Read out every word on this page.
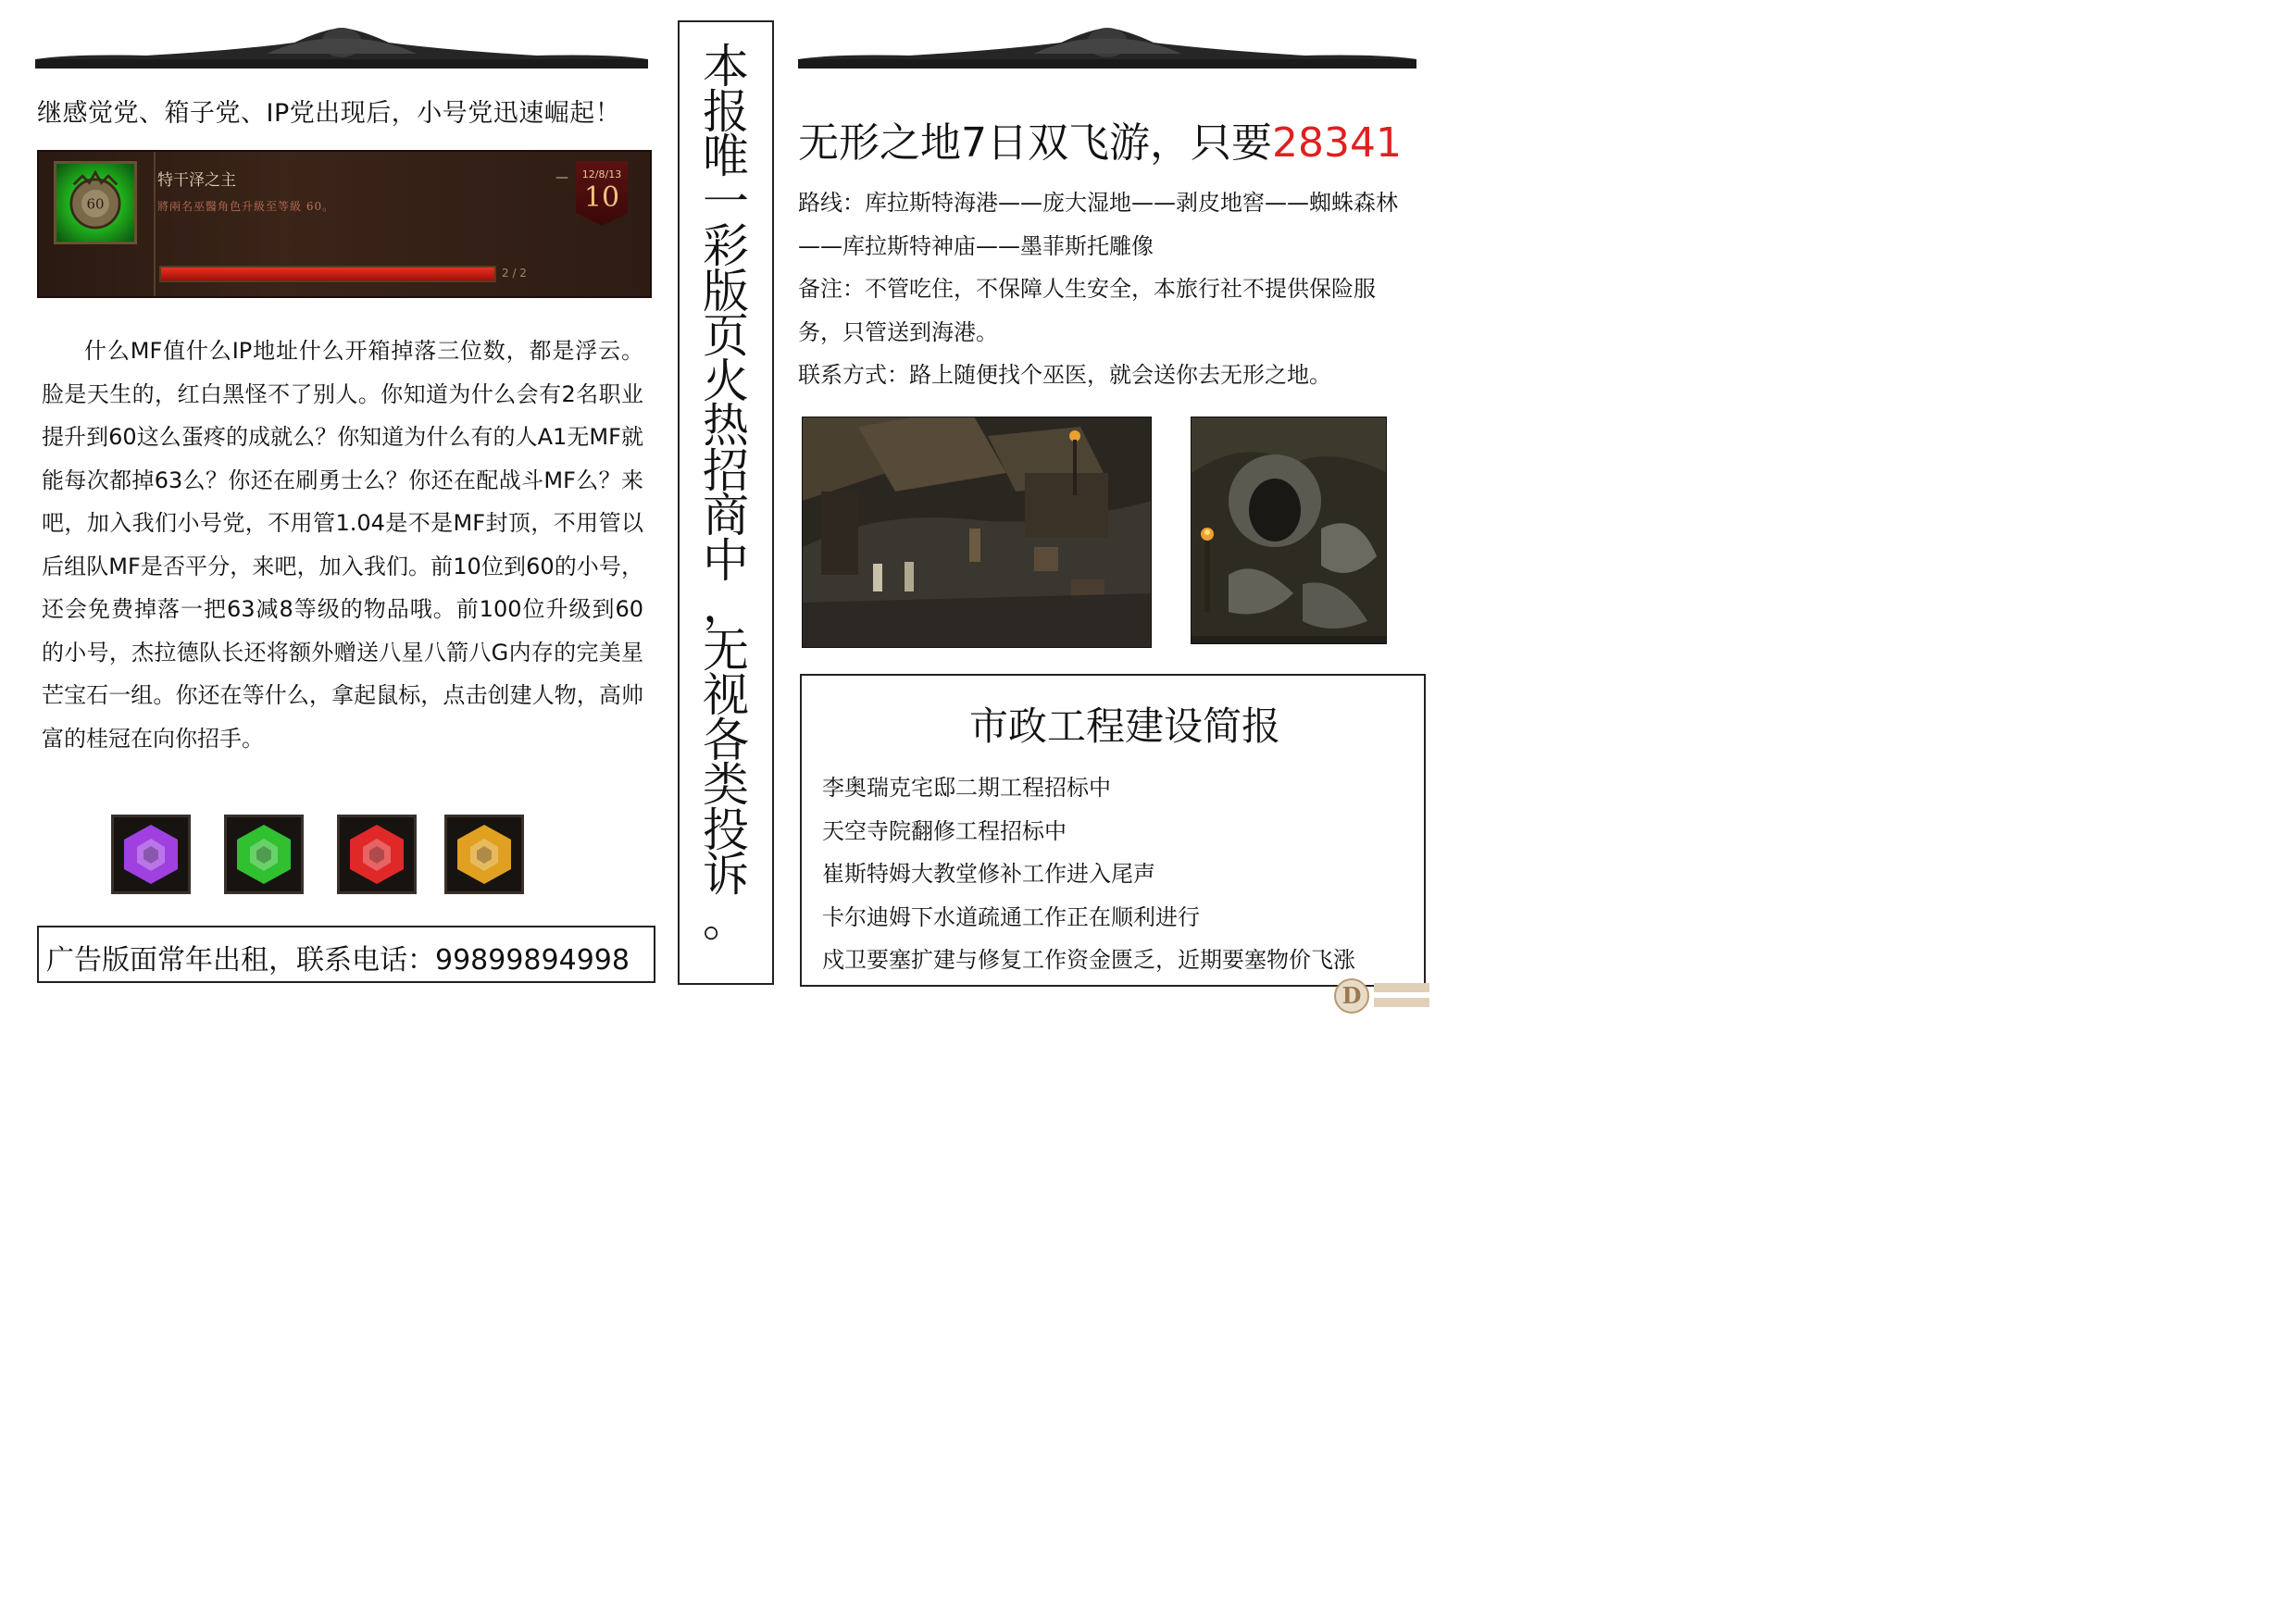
继感觉党、箱子党、IP党出现后，小号党迅速崛起！
60
特干泽之主
將兩名巫醫角色升級至等級 60。
—	12/8/13
10
2 / 2
什么MF值什么IP地址什么开箱掉落三位数，都是浮云。脸是天生的，红白黑怪不了别人。你知道为什么会有2名职业提升到60这么蛋疼的成就么？你知道为什么有的人A1无MF就能每次都掉63么？你还在刷勇士么？你还在配战斗MF么？来吧，加入我们小号党，不用管1.04是不是MF封顶，不用管以后组队MF是否平分，来吧，加入我们。前10位到60的小号，还会免费掉落一把63减8等级的物品哦。前100位升级到60的小号，杰拉德队长还将额外赠送八星八箭八G内存的完美星芒宝石一组。你还在等什么，拿起鼠标，点击创建人物，高帅富的桂冠在向你招手。
广告版面常年出租，联系电话：99899894998
本
报
唯
一
彩
版
页
火
热
招
商
中
，
无
视
各
类
投
诉
。
无形之地7日双飞游，只要28341

路线：库拉斯特海港——庞大湿地——剥皮地窖——蜘蛛森林——库拉斯特神庙——墨菲斯托雕像

备注：不管吃住，不保障人生安全，本旅行社不提供保险服务，只管送到海港。

联系方式：路上随便找个巫医，就会送你去无形之地。

市政工程建设简报
李奥瑞克宅邸二期工程招标中
天空寺院翻修工程招标中
崔斯特姆大教堂修补工作进入尾声
卡尔迪姆下水道疏通工作正在顺利进行
戍卫要塞扩建与修复工作资金匮乏，近期要塞物价飞涨
D
